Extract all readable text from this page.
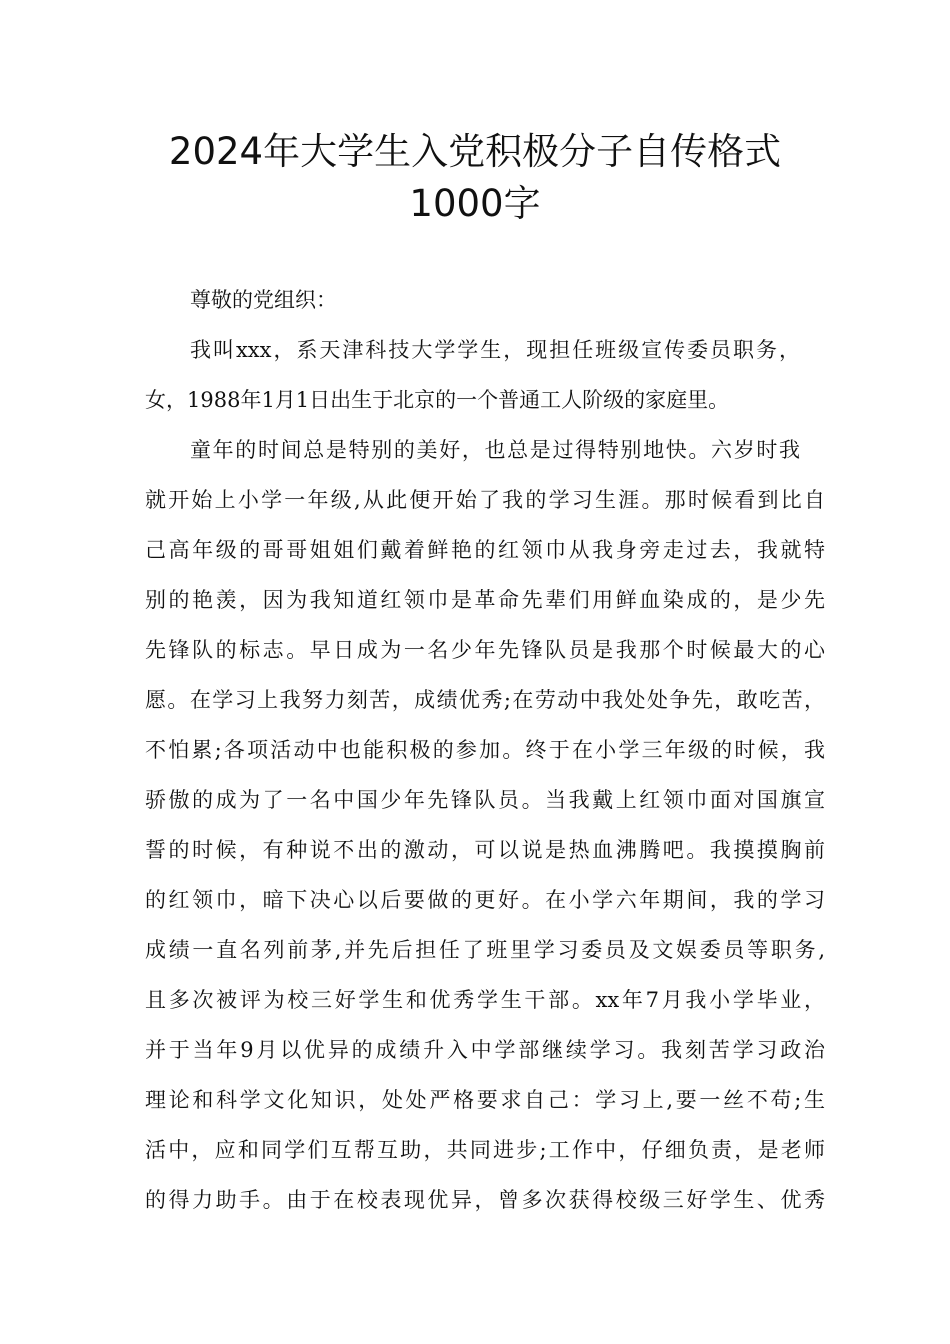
2024年大学生入党积极分子自传格式
1000字
尊敬的党组织：
我叫xxx，系天津科技大学学生，现担任班级宣传委员职务，
女，1988年1月1日出生于北京的一个普通工人阶级的家庭里。
童年的时间总是特别的美好，也总是过得特别地快。六岁时我
就开始上小学一年级,从此便开始了我的学习生涯。那时候看到比自
己高年级的哥哥姐姐们戴着鲜艳的红领巾从我身旁走过去，我就特
别的艳羡，因为我知道红领巾是革命先辈们用鲜血染成的，是少先
先锋队的标志。早日成为一名少年先锋队员是我那个时候最大的心
愿。在学习上我努力刻苦，成绩优秀;在劳动中我处处争先，敢吃苦，
不怕累;各项活动中也能积极的参加。终于在小学三年级的时候，我
骄傲的成为了一名中国少年先锋队员。当我戴上红领巾面对国旗宣
誓的时候，有种说不出的激动，可以说是热血沸腾吧。我摸摸胸前
的红领巾，暗下决心以后要做的更好。在小学六年期间，我的学习
成绩一直名列前茅,并先后担任了班里学习委员及文娱委员等职务,
且多次被评为校三好学生和优秀学生干部。xx年7月我小学毕业，
并于当年9月以优异的成绩升入中学部继续学习。我刻苦学习政治
理论和科学文化知识，处处严格要求自己：学习上,要一丝不苟;生
活中，应和同学们互帮互助，共同进步;工作中，仔细负责，是老师
的得力助手。由于在校表现优异，曾多次获得校级三好学生、优秀
